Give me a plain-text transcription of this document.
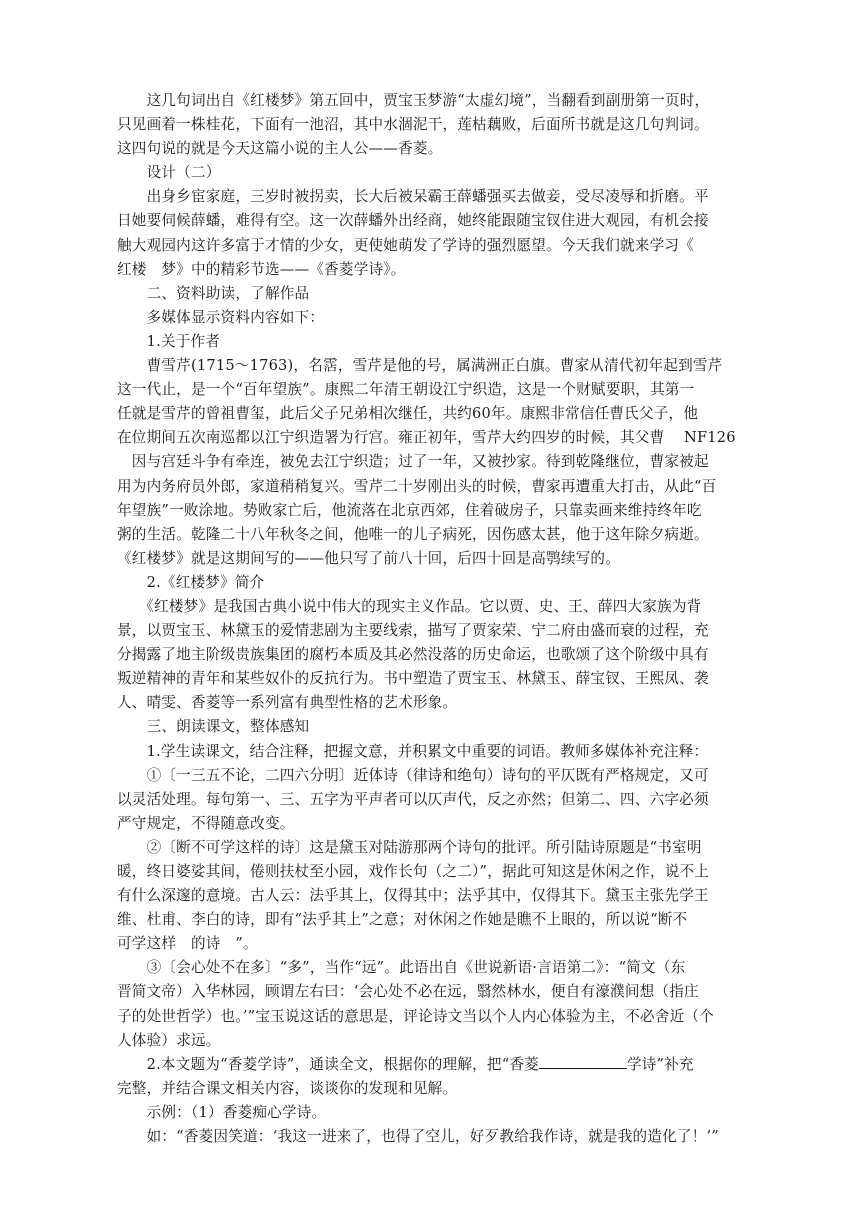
　　这几句词出自《红楼梦》第五回中，贾宝玉梦游“太虚幻境”，当翻看到副册第一页时，

只见画着一株桂花，下面有一池沼，其中水涸泥干，莲枯藕败，后面所书就是这几句判词。

这四句说的就是今天这篇小说的主人公——香菱。

　　设计（二）

　　出身乡宦家庭，三岁时被拐卖，长大后被呆霸王薛蟠强买去做妾，受尽凌辱和折磨。平

日她要伺候薛蟠，难得有空。这一次薛蟠外出经商，她终能跟随宝钗住进大观园，有机会接

触大观园内这许多富于才情的少女，更使她萌发了学诗的强烈愿望。今天我们就来学习《

红楼　梦》中的精彩节选——《香菱学诗》。

　　二、资料助读，了解作品

　　多媒体显示资料内容如下：

　　1.关于作者

　　曹雪芹(1715～1763)，名霑，雪芹是他的号，属满洲正白旗。曹家从清代初年起到雪芹

这一代止，是一个“百年望族”。康熙二年清王朝设江宁织造，这是一个财赋要职，其第一

任就是雪芹的曾祖曹玺，此后父子兄弟相次继任，共约60年。康熙非常信任曹氏父子，他

在位期间五次南巡都以江宁织造署为行宫。雍正初年，雪芹大约四岁的时候，其父曹　 NF126

　因与宫廷斗争有牵连，被免去江宁织造；过了一年，又被抄家。待到乾隆继位，曹家被起

用为内务府员外郎，家道稍稍复兴。雪芹二十岁刚出头的时候，曹家再遭重大打击，从此“百

年望族”一败涂地。势败家亡后，他流落在北京西郊，住着破房子，只靠卖画来维持终年吃

粥的生活。乾隆二十八年秋冬之间，他唯一的儿子病死，因伤感太甚，他于这年除夕病逝。

《红楼梦》就是这期间写的——他只写了前八十回，后四十回是高鹗续写的。

　　2.《红楼梦》简介

　　《红楼梦》是我国古典小说中伟大的现实主义作品。它以贾、史、王、薛四大家族为背

景，以贾宝玉、林黛玉的爱情悲剧为主要线索，描写了贾家荣、宁二府由盛而衰的过程，充

分揭露了地主阶级贵族集团的腐朽本质及其必然没落的历史命运，也歌颂了这个阶级中具有

叛逆精神的青年和某些奴仆的反抗行为。书中塑造了贾宝玉、林黛玉、薛宝钗、王熙凤、袭

人、晴雯、香菱等一系列富有典型性格的艺术形象。

　　三、朗读课文，整体感知

　　1.学生读课文，结合注释，把握文意，并积累文中重要的词语。教师多媒体补充注释：

　　①〔一三五不论，二四六分明〕近体诗（律诗和绝句）诗句的平仄既有严格规定，又可

以灵活处理。每句第一、三、五字为平声者可以仄声代，反之亦然；但第二、四、六字必须

严守规定，不得随意改变。

　　②〔断不可学这样的诗〕这是黛玉对陆游那两个诗句的批评。所引陆诗原题是“书室明

暖，终日婆娑其间，倦则扶杖至小园，戏作长句（之二）”，据此可知这是休闲之作，说不上

有什么深邃的意境。古人云：法乎其上，仅得其中；法乎其中，仅得其下。黛玉主张先学王

维、杜甫、李白的诗，即有“法乎其上”之意；对休闲之作她是瞧不上眼的，所以说“断不

可学这样　的诗　”。

　　③〔会心处不在多〕“多”，当作“远”。此语出自《世说新语·言语第二》：“简文（东

晋简文帝）入华林园，顾谓左右曰：‘会心处不必在远，翳然林水，便自有濠濮间想（指庄

子的处世哲学）也。’”宝玉说这话的意思是，评论诗文当以个人内心体验为主，不必舍近（个

人体验）求远。

　　2.本文题为“香菱学诗”，通读全文，根据你的理解，把“香菱	学诗”补充

完整，并结合课文相关内容，谈谈你的发现和见解。

　　示例：（1）香菱痴心学诗。

　　如：“香菱因笑道：‘我这一进来了，也得了空儿，好歹教给我作诗，就是我的造化了！’”
